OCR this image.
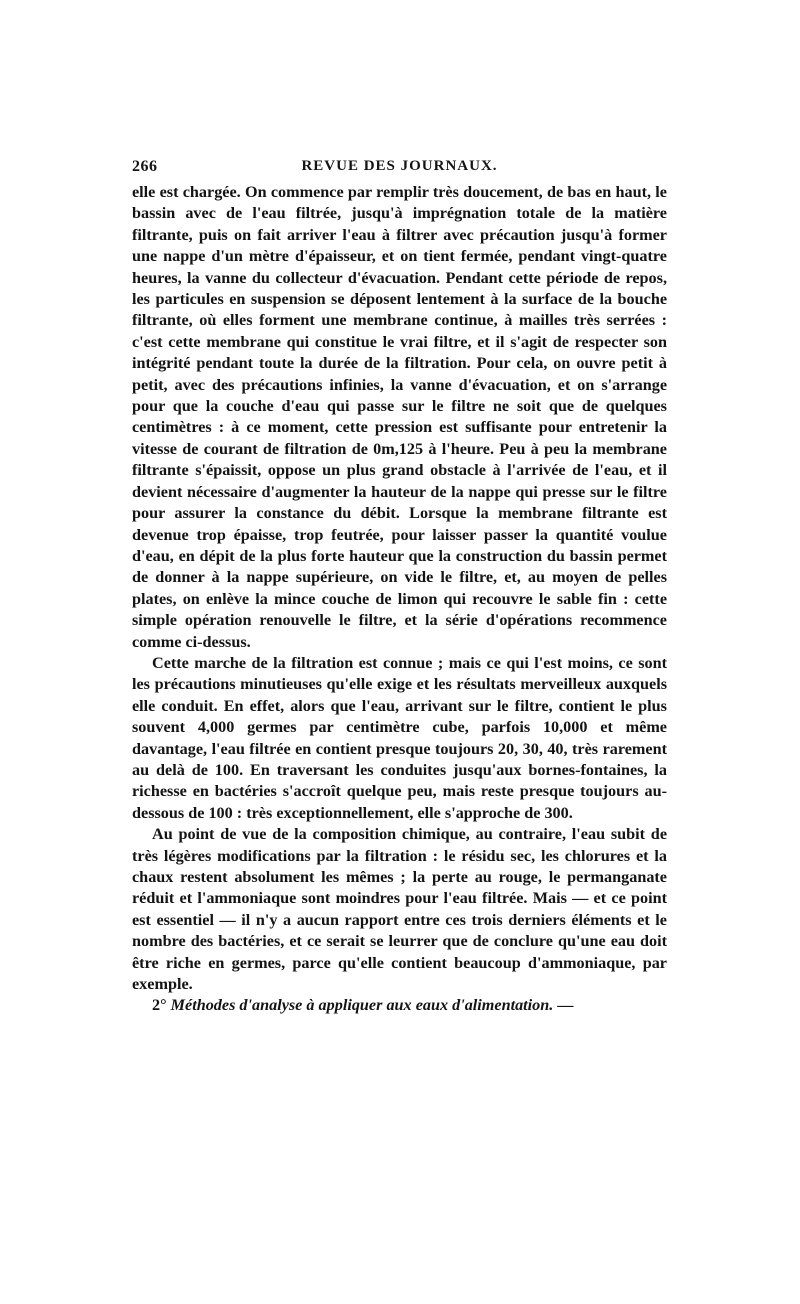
266	REVUE DES JOURNAUX.

elle est chargée. On commence par remplir très doucement, de bas en haut, le bassin avec de l'eau filtrée, jusqu'à imprégnation totale de la matière filtrante, puis on fait arriver l'eau à filtrer avec précaution jusqu'à former une nappe d'un mètre d'épaisseur, et on tient fermée, pendant vingt-quatre heures, la vanne du collecteur d'évacuation. Pendant cette période de repos, les particules en suspension se déposent lentement à la surface de la bouche filtrante, où elles forment une membrane continue, à mailles très serrées : c'est cette membrane qui constitue le vrai filtre, et il s'agit de respecter son intégrité pendant toute la durée de la filtration. Pour cela, on ouvre petit à petit, avec des précautions infinies, la vanne d'évacuation, et on s'arrange pour que la couche d'eau qui passe sur le filtre ne soit que de quelques centimètres : à ce moment, cette pression est suffisante pour entretenir la vitesse de courant de filtration de 0m,125 à l'heure. Peu à peu la membrane filtrante s'épaissit, oppose un plus grand obstacle à l'arrivée de l'eau, et il devient nécessaire d'augmenter la hauteur de la nappe qui presse sur le filtre pour assurer la constance du débit. Lorsque la membrane filtrante est devenue trop épaisse, trop feutrée, pour laisser passer la quantité voulue d'eau, en dépit de la plus forte hauteur que la construction du bassin permet de donner à la nappe supérieure, on vide le filtre, et, au moyen de pelles plates, on enlève la mince couche de limon qui recouvre le sable fin : cette simple opération renouvelle le filtre, et la série d'opérations recommence comme ci-dessus.

Cette marche de la filtration est connue ; mais ce qui l'est moins, ce sont les précautions minutieuses qu'elle exige et les résultats merveilleux auxquels elle conduit. En effet, alors que l'eau, arrivant sur le filtre, contient le plus souvent 4,000 germes par centimètre cube, parfois 10,000 et même davantage, l'eau filtrée en contient presque toujours 20, 30, 40, très rarement au delà de 100. En traversant les conduites jusqu'aux bornes-fontaines, la richesse en bactéries s'accroît quelque peu, mais reste presque toujours au-dessous de 100 : très exceptionnellement, elle s'approche de 300.

Au point de vue de la composition chimique, au contraire, l'eau subit de très légères modifications par la filtration : le résidu sec, les chlorures et la chaux restent absolument les mêmes ; la perte au rouge, le permanganate réduit et l'ammoniaque sont moindres pour l'eau filtrée. Mais — et ce point est essentiel — il n'y a aucun rapport entre ces trois derniers éléments et le nombre des bactéries, et ce serait se leurrer que de conclure qu'une eau doit être riche en germes, parce qu'elle contient beaucoup d'ammoniaque, par exemple.

2° Méthodes d'analyse à appliquer aux eaux d'alimentation. —
